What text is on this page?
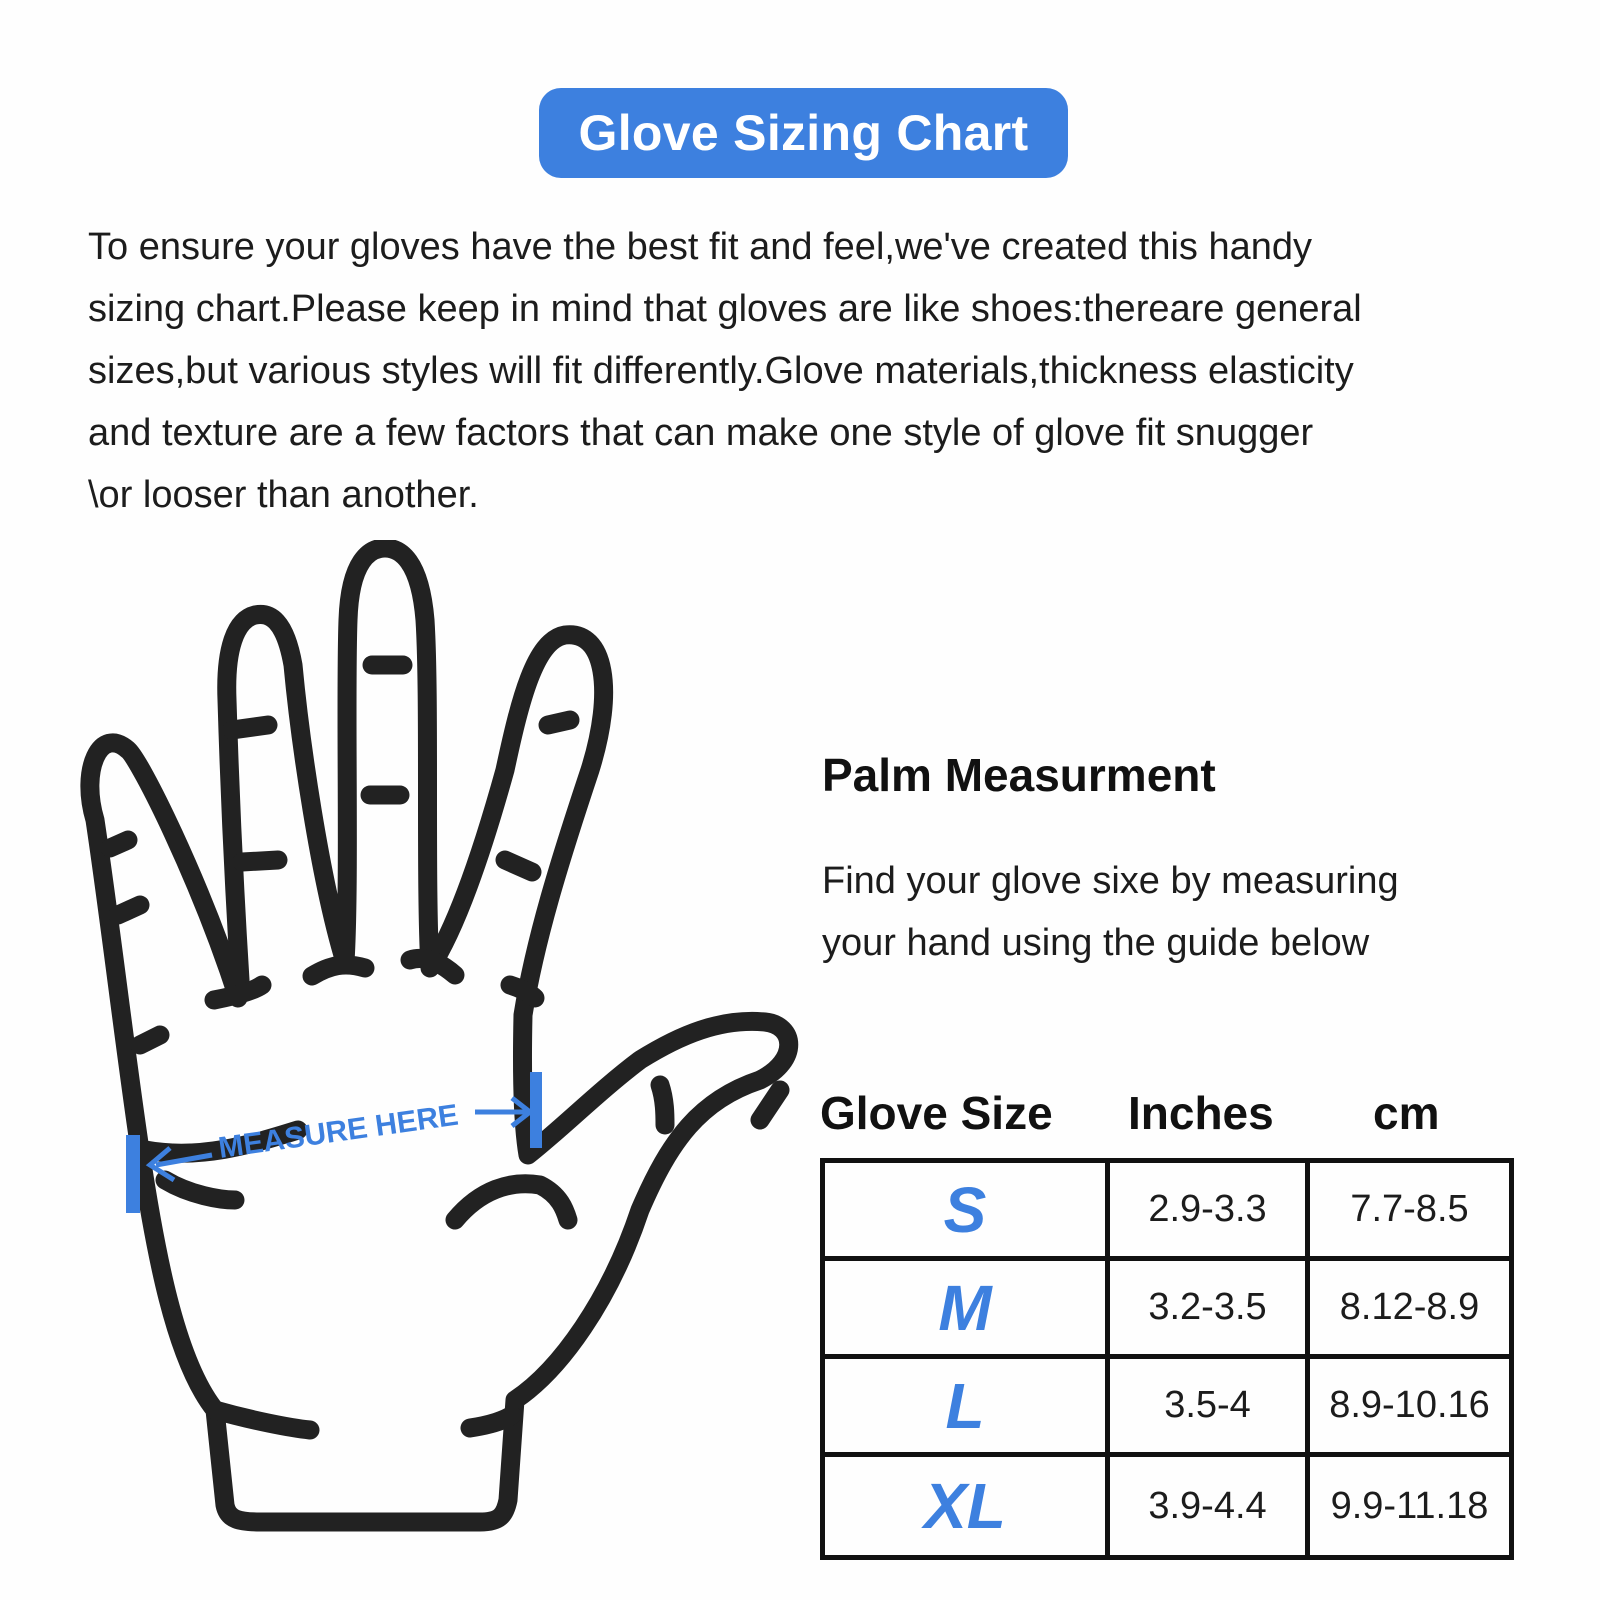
Glove Sizing Chart
To ensure your gloves have the best fit and feel,we've created this handy
sizing chart.Please keep in mind that gloves are like shoes:thereare general
sizes,but various styles will fit differently.Glove materials,thickness elasticity
and texture are a few factors that can make one style of glove fit snugger
\or looser than another.
MEASURE HERE
Palm Measurment
Find your glove sixe by measuring
your hand using the guide below
Glove Size Inches cm
S	2.9-3.3	7.7-8.5
M	3.2-3.5	8.12-8.9
L	3.5-4	8.9-10.16
XL	3.9-4.4	9.9-11.18
